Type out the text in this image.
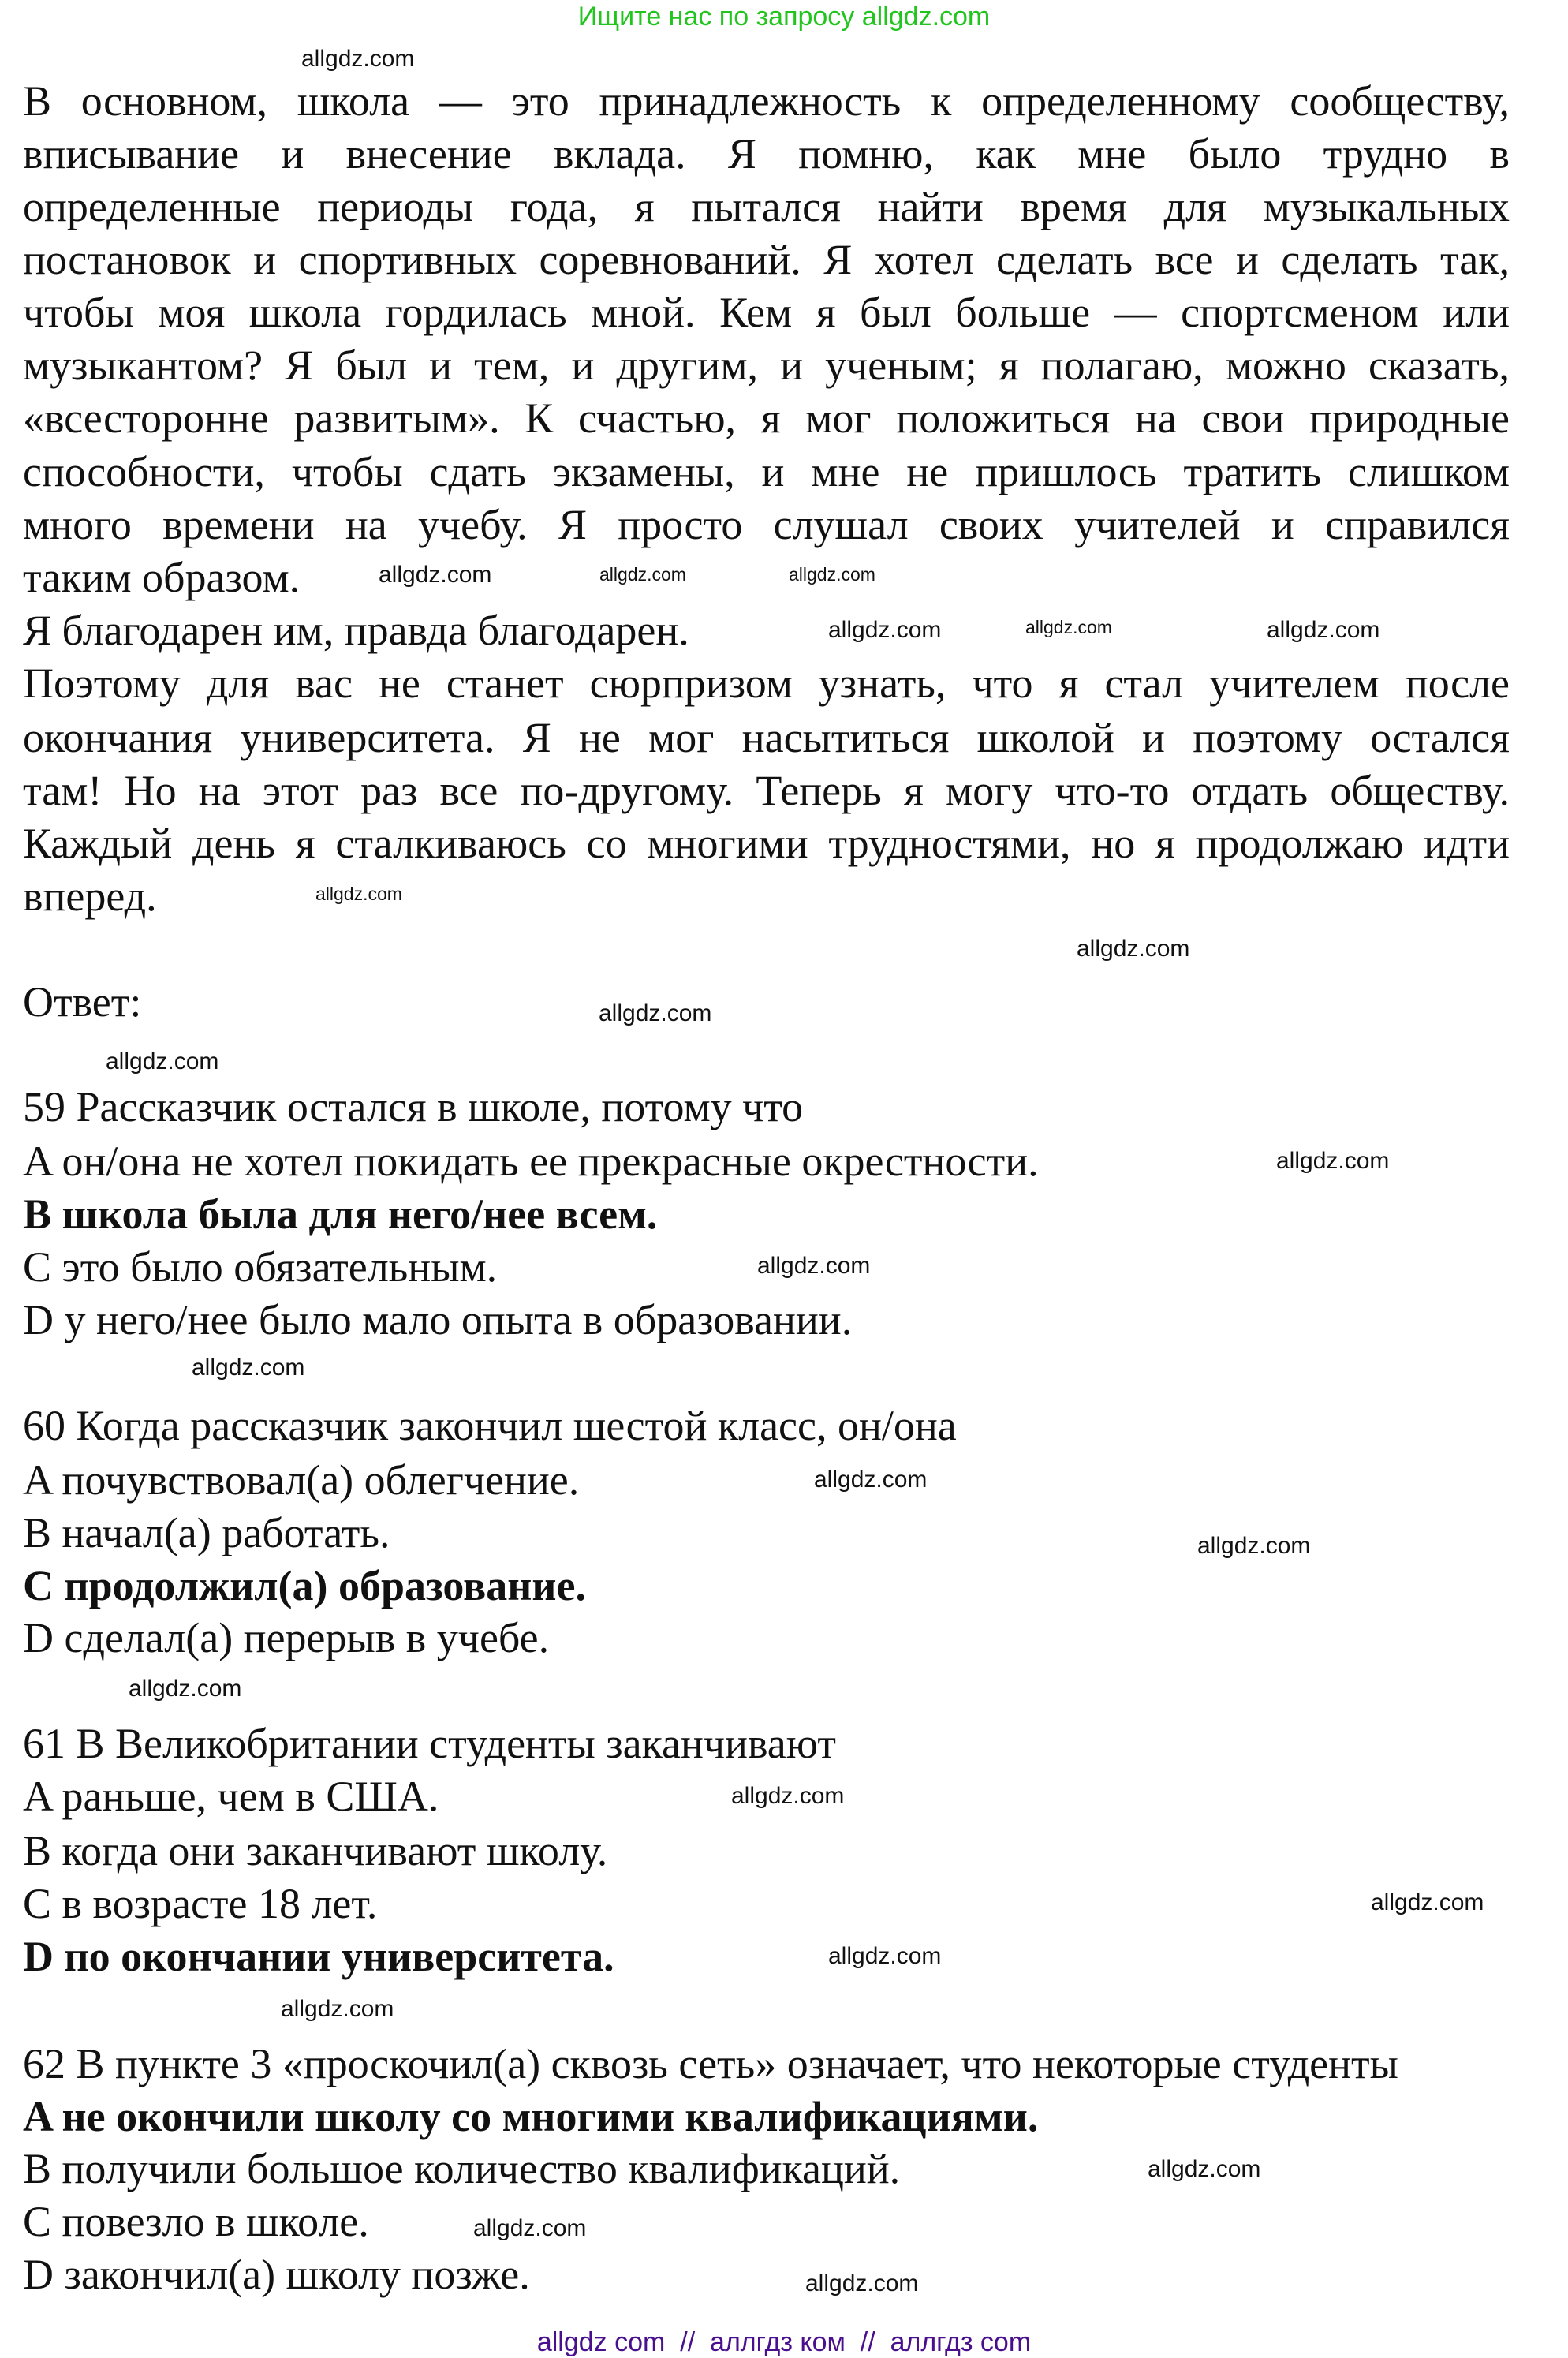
Ищите нас по запросу allgdz.com
В основном, школа — это принадлежность к определенному сообществу,
вписывание и внесение вклада. Я помню, как мне было трудно в
определенные периоды года, я пытался найти время для музыкальных
постановок и спортивных соревнований. Я хотел сделать все и сделать так,
чтобы моя школа гордилась мной. Кем я был больше — спортсменом или
музыкантом? Я был и тем, и другим, и ученым; я полагаю, можно сказать,
«всесторонне развитым». К счастью, я мог положиться на свои природные
способности, чтобы сдать экзамены, и мне не пришлось тратить слишком
много времени на учебу. Я просто слушал своих учителей и справился
таким образом.
Я благодарен им, правда благодарен.
Поэтому для вас не станет сюрпризом узнать, что я стал учителем после
окончания университета. Я не мог насытиться школой и поэтому остался
там! Но на этот раз все по-другому. Теперь я могу что-то отдать обществу.
Каждый день я сталкиваюсь со многими трудностями, но я продолжаю идти
вперед.
Ответ:
59 Рассказчик остался в школе, потому что
A он/она не хотел покидать ее прекрасные окрестности.
B школа была для него/нее всем.
C это было обязательным.
D у него/нее было мало опыта в образовании.
60 Когда рассказчик закончил шестой класс, он/она
A почувствовал(а) облегчение.
B начал(а) работать.
C продолжил(а) образование.
D сделал(а) перерыв в учебе.
61 В Великобритании студенты заканчивают
A раньше, чем в США.
B когда они заканчивают школу.
C в возрасте 18 лет.
D по окончании университета.
62 В пункте 3 «проскочил(а) сквозь сеть» означает, что некоторые студенты
A не окончили школу со многими квалификациями.
B получили большое количество квалификаций.
C повезло в школе.
D закончил(а) школу позже.
allgdz.com
allgdz.com	allgdz.com
allgdz.com
allgdz.com
allgdz.com
allgdz.com	allgdz.com
allgdz.com
allgdz.com
allgdz.com
allgdz.com
allgdz.com
allgdz.com
allgdz.com
allgdz.com
allgdz.com
allgdz.com
allgdz.com
allgdz.com
allgdz.com
allgdz.com
allgdz.com
allgdz.com
allgdz com  //  аллгдз ком  //  аллгдз com
